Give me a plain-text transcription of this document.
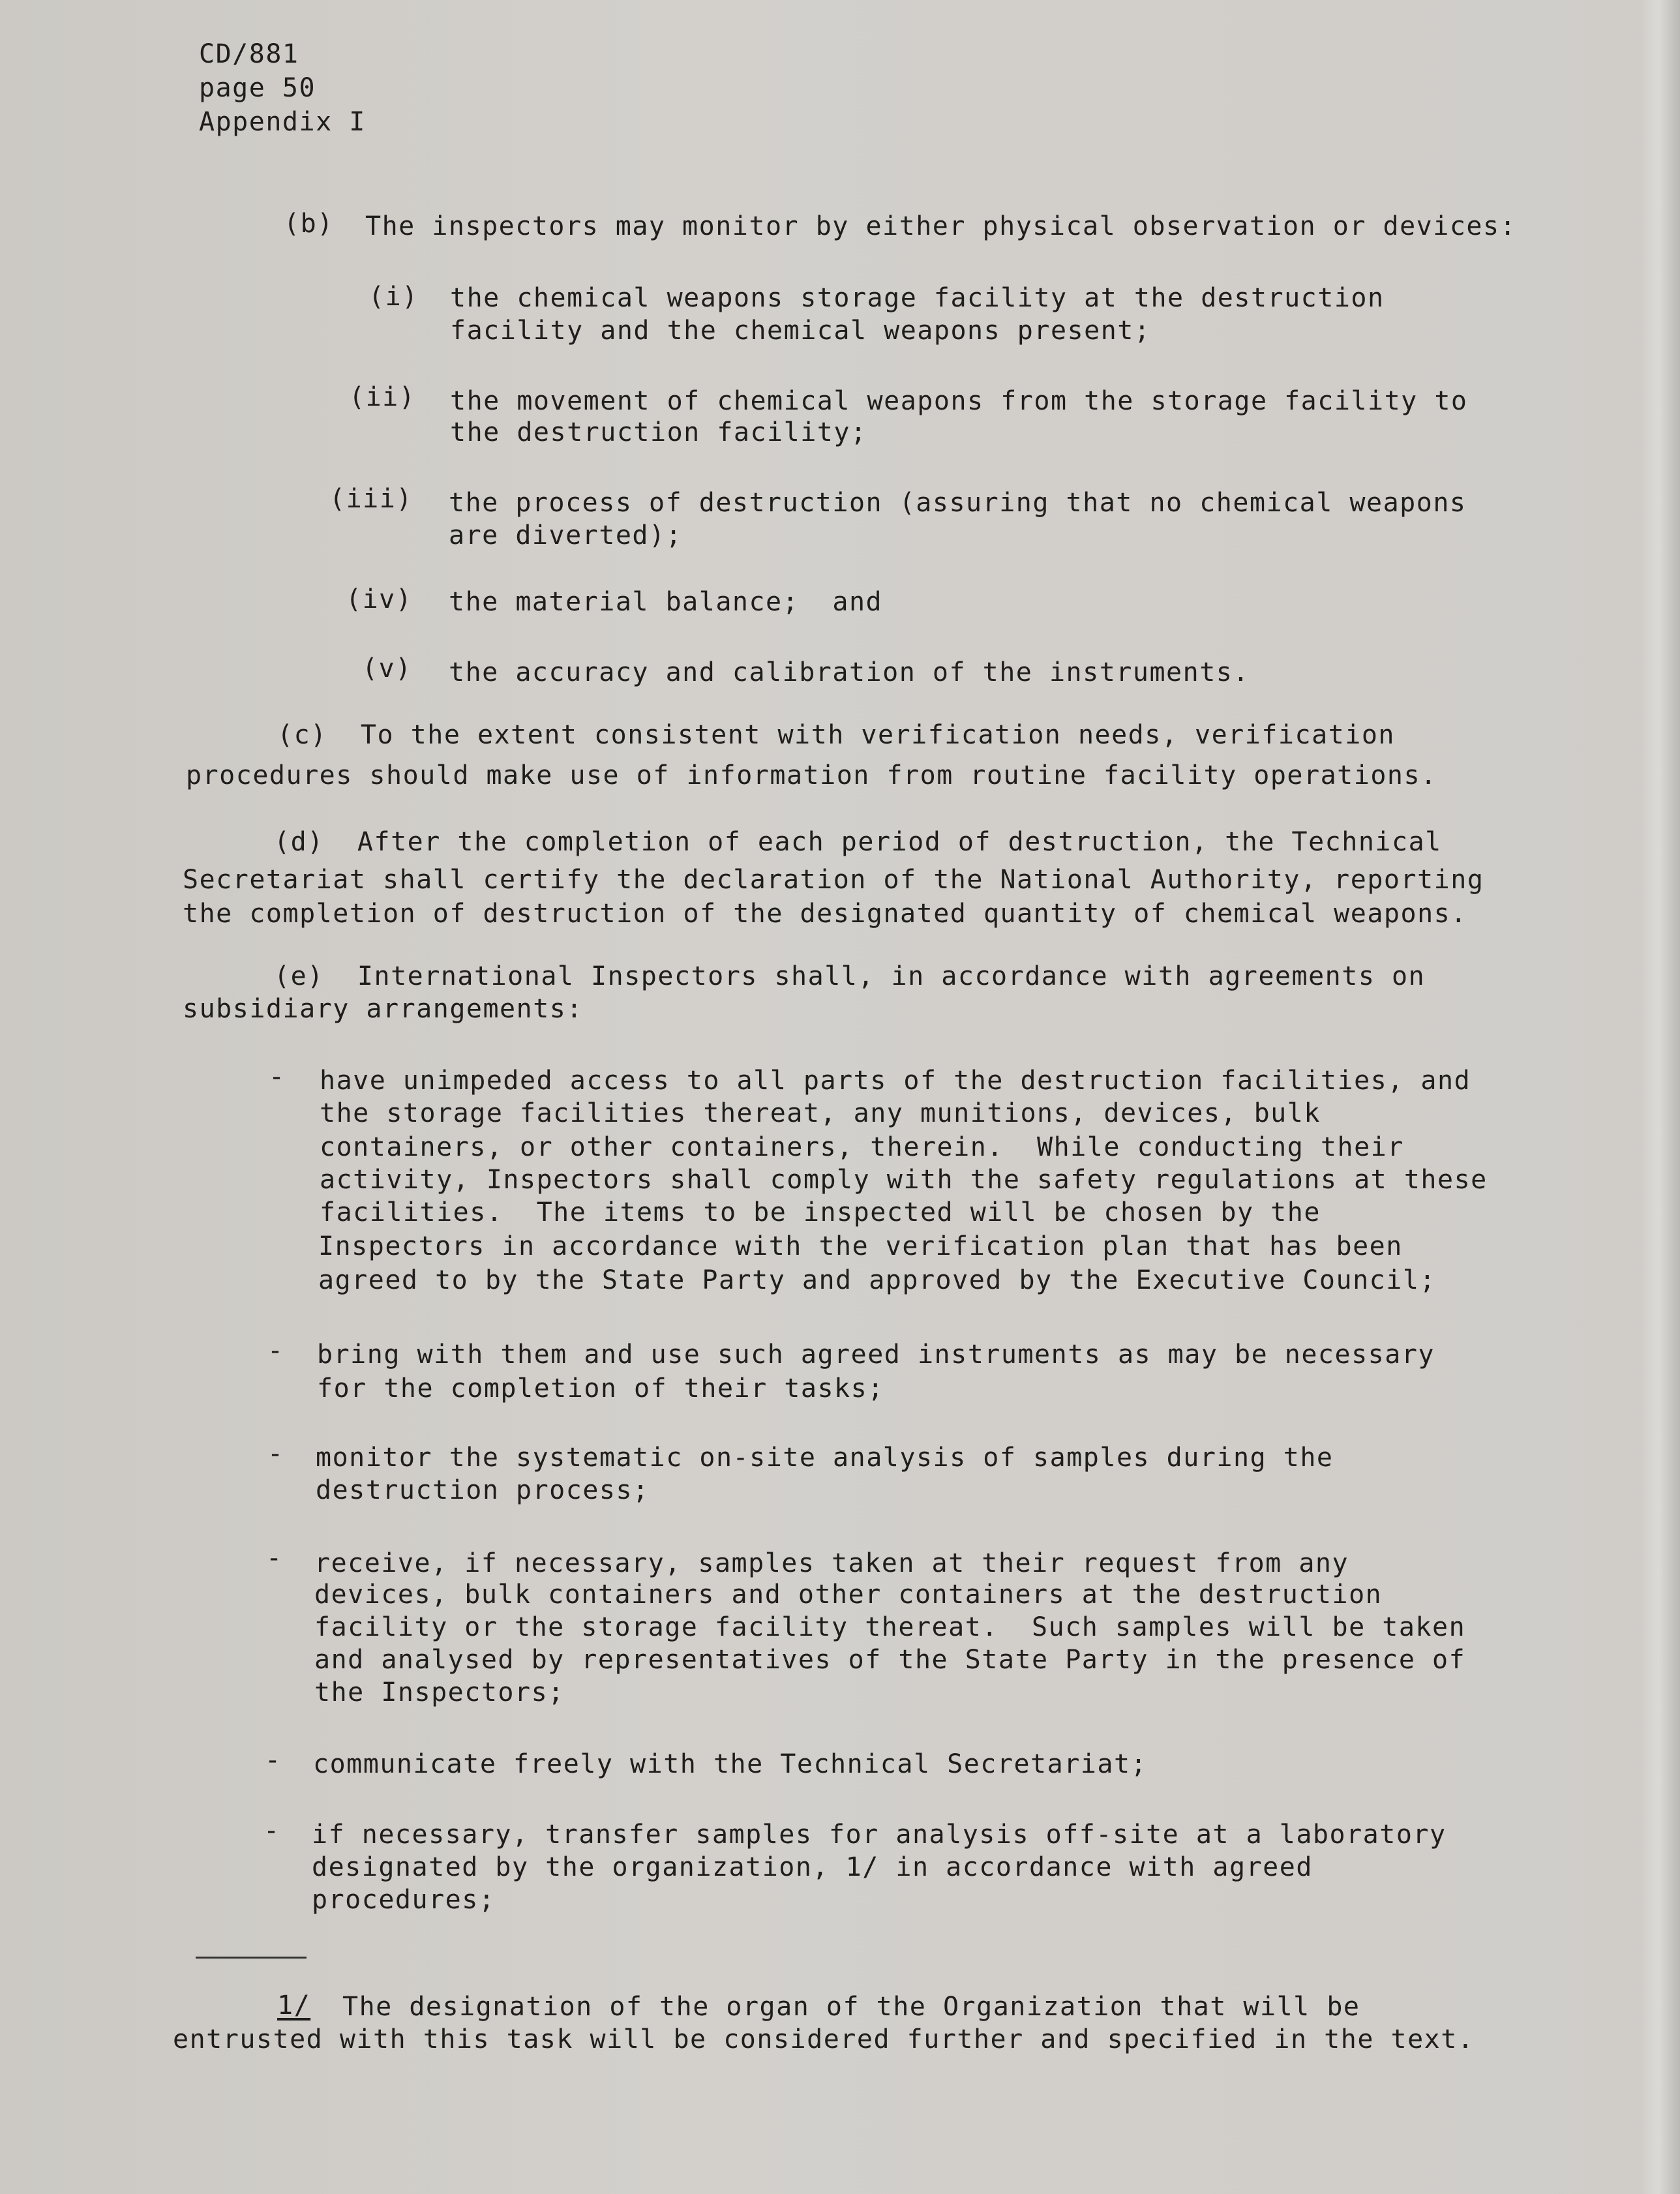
CD/881
page 50
Appendix I
(b) The inspectors may monitor by either physical observation or devices:
(i) the chemical weapons storage facility at the destruction
facility and the chemical weapons present;
(ii) the movement of chemical weapons from the storage facility to
the destruction facility;
(iii) the process of destruction (assuring that no chemical weapons
are diverted);
(iv) the material balance;  and
(v) the accuracy and calibration of the instruments.
(c)  To the extent consistent with verification needs, verification
procedures should make use of information from routine facility operations.
(d)  After the completion of each period of destruction, the Technical
Secretariat shall certify the declaration of the National Authority, reporting
the completion of destruction of the designated quantity of chemical weapons.
(e)  International Inspectors shall, in accordance with agreements on
subsidiary arrangements:
- have unimpeded access to all parts of the destruction facilities, and
the storage facilities thereat, any munitions, devices, bulk
containers, or other containers, therein.  While conducting their
activity, Inspectors shall comply with the safety regulations at these
facilities.  The items to be inspected will be chosen by the
Inspectors in accordance with the verification plan that has been
agreed to by the State Party and approved by the Executive Council;
- bring with them and use such agreed instruments as may be necessary
for the completion of their tasks;
- monitor the systematic on-site analysis of samples during the
destruction process;
- receive, if necessary, samples taken at their request from any
devices, bulk containers and other containers at the destruction
facility or the storage facility thereat.  Such samples will be taken
and analysed by representatives of the State Party in the presence of
the Inspectors;
- communicate freely with the Technical Secretariat;
- if necessary, transfer samples for analysis off-site at a laboratory
designated by the organization, 1/ in accordance with agreed
procedures;
1/ The designation of the organ of the Organization that will be
entrusted with this task will be considered further and specified in the text.
